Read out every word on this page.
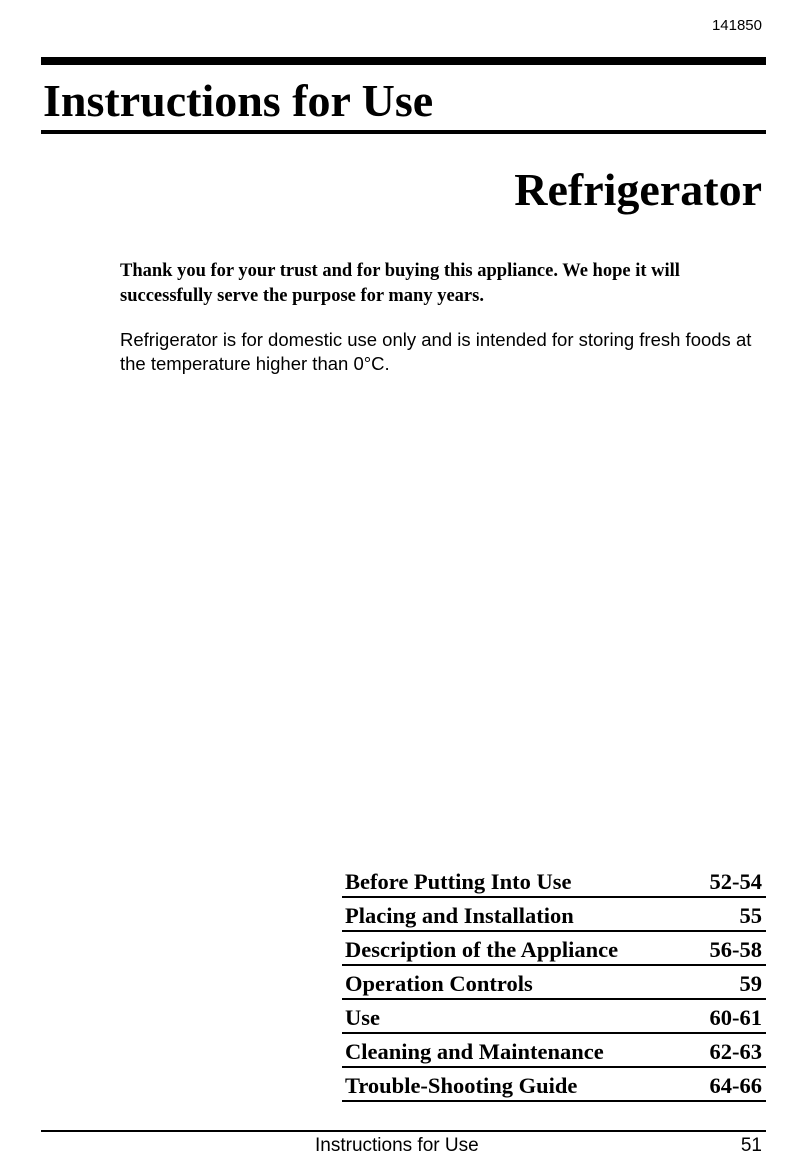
141850
Instructions for Use
Refrigerator

Thank you for your trust and for buying this appliance. We hope it will successfully serve the purpose for many years.

Refrigerator is for domestic use only and is intended for storing fresh foods at the temperature higher than 0°C.

Before Putting Into Use	52-54
Placing and Installation	55
Description of the Appliance	56-58
Operation Controls	59
Use	60-61
Cleaning and Maintenance	62-63
Trouble-Shooting Guide	64-66
Instructions for Use	51
